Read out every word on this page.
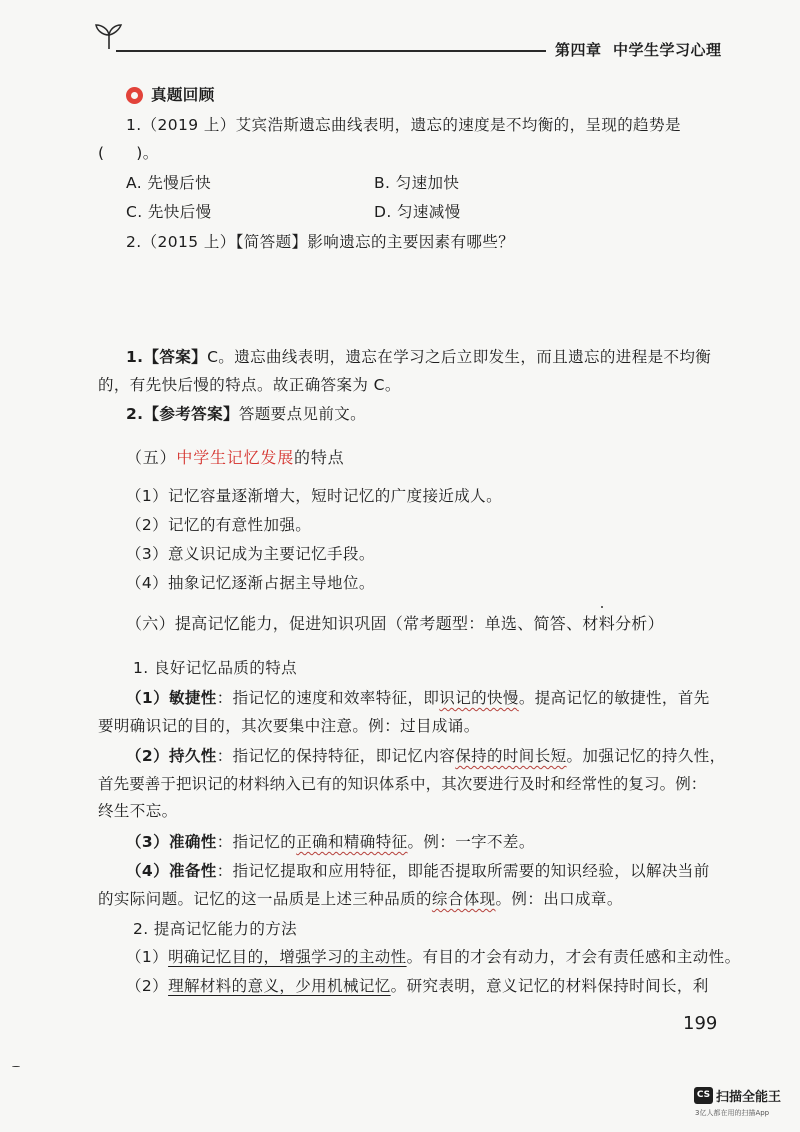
第四章 中学生学习心理
真题回顾
1.（2019 上）艾宾浩斯遗忘曲线表明，遗忘的速度是不均衡的，呈现的趋势是
(　　)。
A. 先慢后快	B. 匀速加快
C. 先快后慢	D. 匀速减慢
2.（2015 上）【简答题】影响遗忘的主要因素有哪些？
1.【答案】C。遗忘曲线表明，遗忘在学习之后立即发生，而且遗忘的进程是不均衡
的，有先快后慢的特点。故正确答案为 C。
2.【参考答案】答题要点见前文。
（五）中学生记忆发展的特点
（1）记忆容量逐渐增大，短时记忆的广度接近成人。
（2）记忆的有意性加强。
（3）意义识记成为主要记忆手段。
（4）抽象记忆逐渐占据主导地位。
（六）提高记忆能力，促进知识巩固（常考题型：单选、简答、材料分析）
1. 良好记忆品质的特点
（1）敏捷性：指记忆的速度和效率特征，即识记的快慢。提高记忆的敏捷性，首先
要明确识记的目的，其次要集中注意。例：过目成诵。
（2）持久性：指记忆的保持特征，即记忆内容保持的时间长短。加强记忆的持久性，
首先要善于把识记的材料纳入已有的知识体系中，其次要进行及时和经常性的复习。例：
终生不忘。
（3）准确性：指记忆的正确和精确特征。例：一字不差。
（4）准备性：指记忆提取和应用特征，即能否提取所需要的知识经验，以解决当前
的实际问题。记忆的这一品质是上述三种品质的综合体现。例：出口成章。
2. 提高记忆能力的方法
（1）明确记忆目的，增强学习的主动性。有目的才会有动力，才会有责任感和主动性。
（2）理解材料的意义，少用机械记忆。研究表明，意义记忆的材料保持时间长，利
199
CS 扫描全能王
3亿人都在用的扫描App
